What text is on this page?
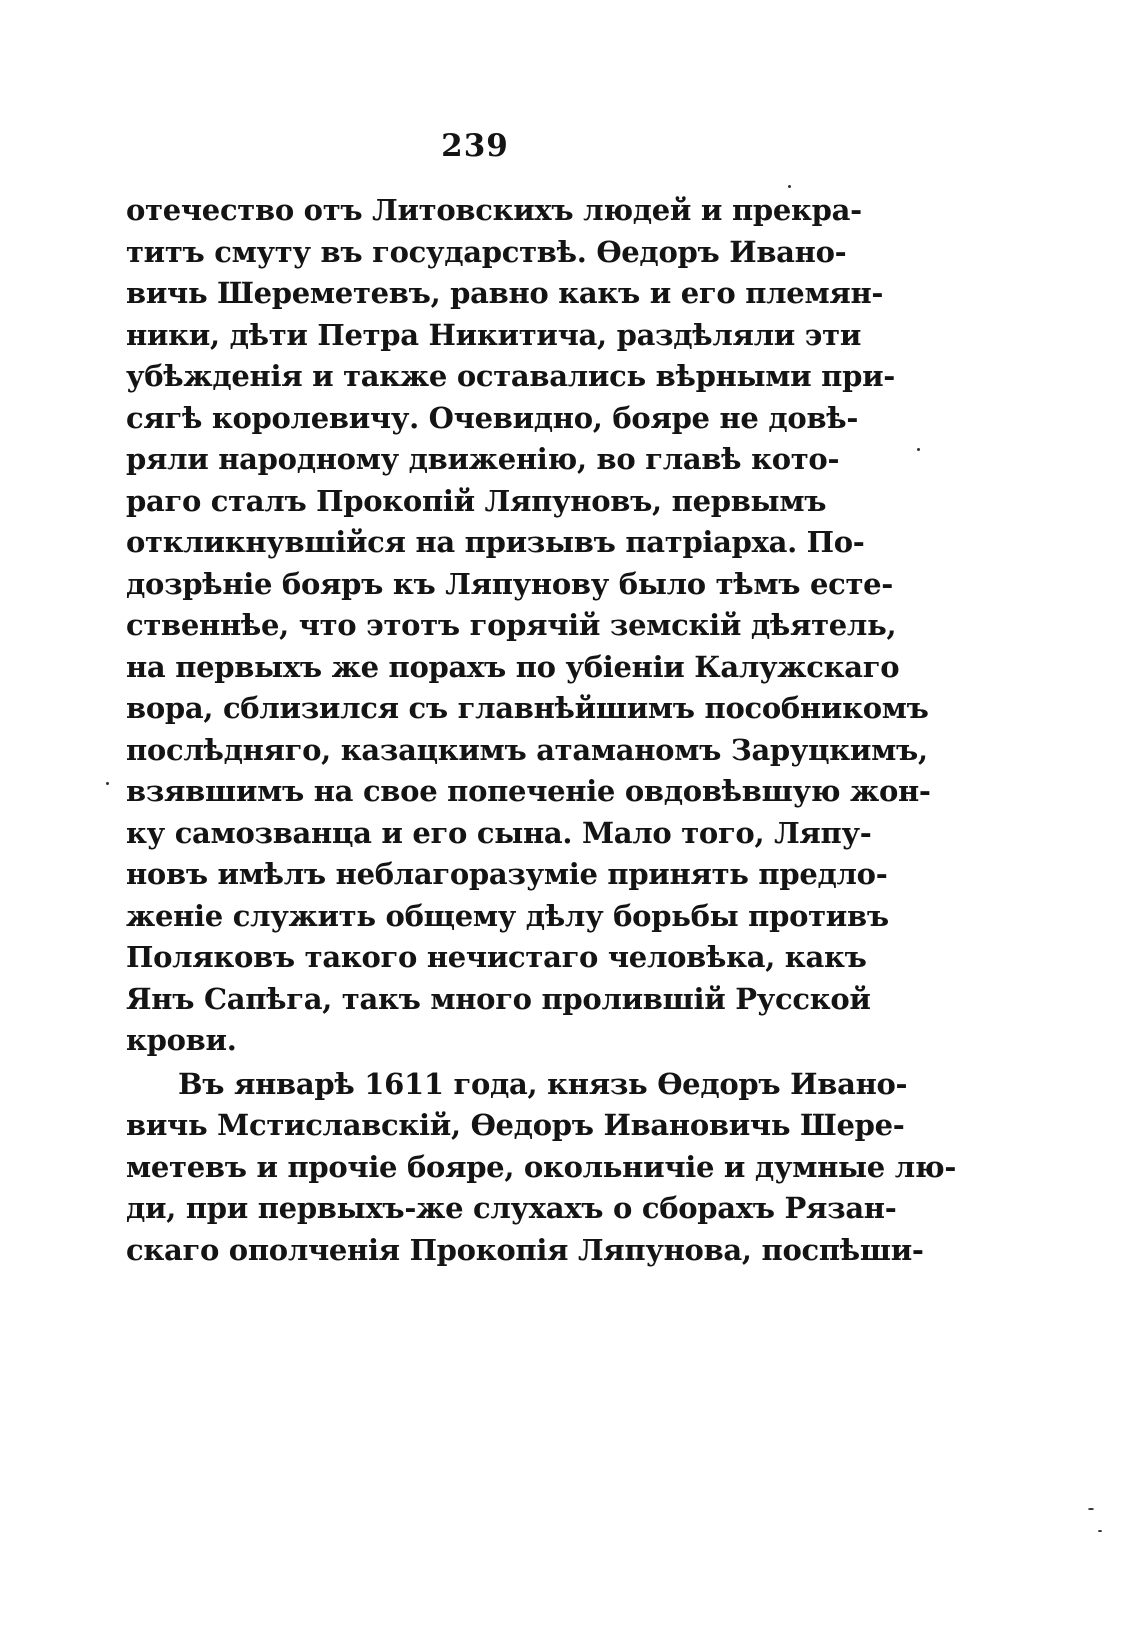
239
отечество отъ Литовскихъ людей и прекра-
титъ смуту въ государствѣ. Ѳедоръ Ивано-
вичь Шереметевъ, равно какъ и его племян-
ники, дѣти Петра Никитича, раздѣляли эти
убѣжденія и также оставались вѣрными при-
сягѣ королевичу. Очевидно, бояре не довѣ-
ряли народному движенію, во главѣ кото-
раго сталъ Прокопій Ляпуновъ, первымъ
откликнувшійся на призывъ патріарха. По-
дозрѣніе бояръ къ Ляпунову было тѣмъ есте-
ственнѣе, что этотъ горячій земскій дѣятель,
на первыхъ же порахъ по убіеніи Калужскаго
вора, сблизился съ главнѣйшимъ пособникомъ
послѣдняго, казацкимъ атаманомъ Заруцкимъ,
взявшимъ на свое попеченіе овдовѣвшую жон-
ку самозванца и его сына. Мало того, Ляпу-
новъ имѣлъ неблагоразуміе принять предло-
женіе служить общему дѣлу борьбы противъ
Поляковъ такого нечистаго человѣка, какъ
Янъ Сапѣга, такъ много пролившій Русской
крови.
Въ январѣ 1611 года, князь Ѳедоръ Ивано-
вичь Мстиславскій, Ѳедоръ Ивановичь Шере-
метевъ и прочіе бояре, окольничіе и думные лю-
ди, при первыхъ-же слухахъ о сборахъ Рязан-
скаго ополченія Прокопія Ляпунова, поспѣши-
